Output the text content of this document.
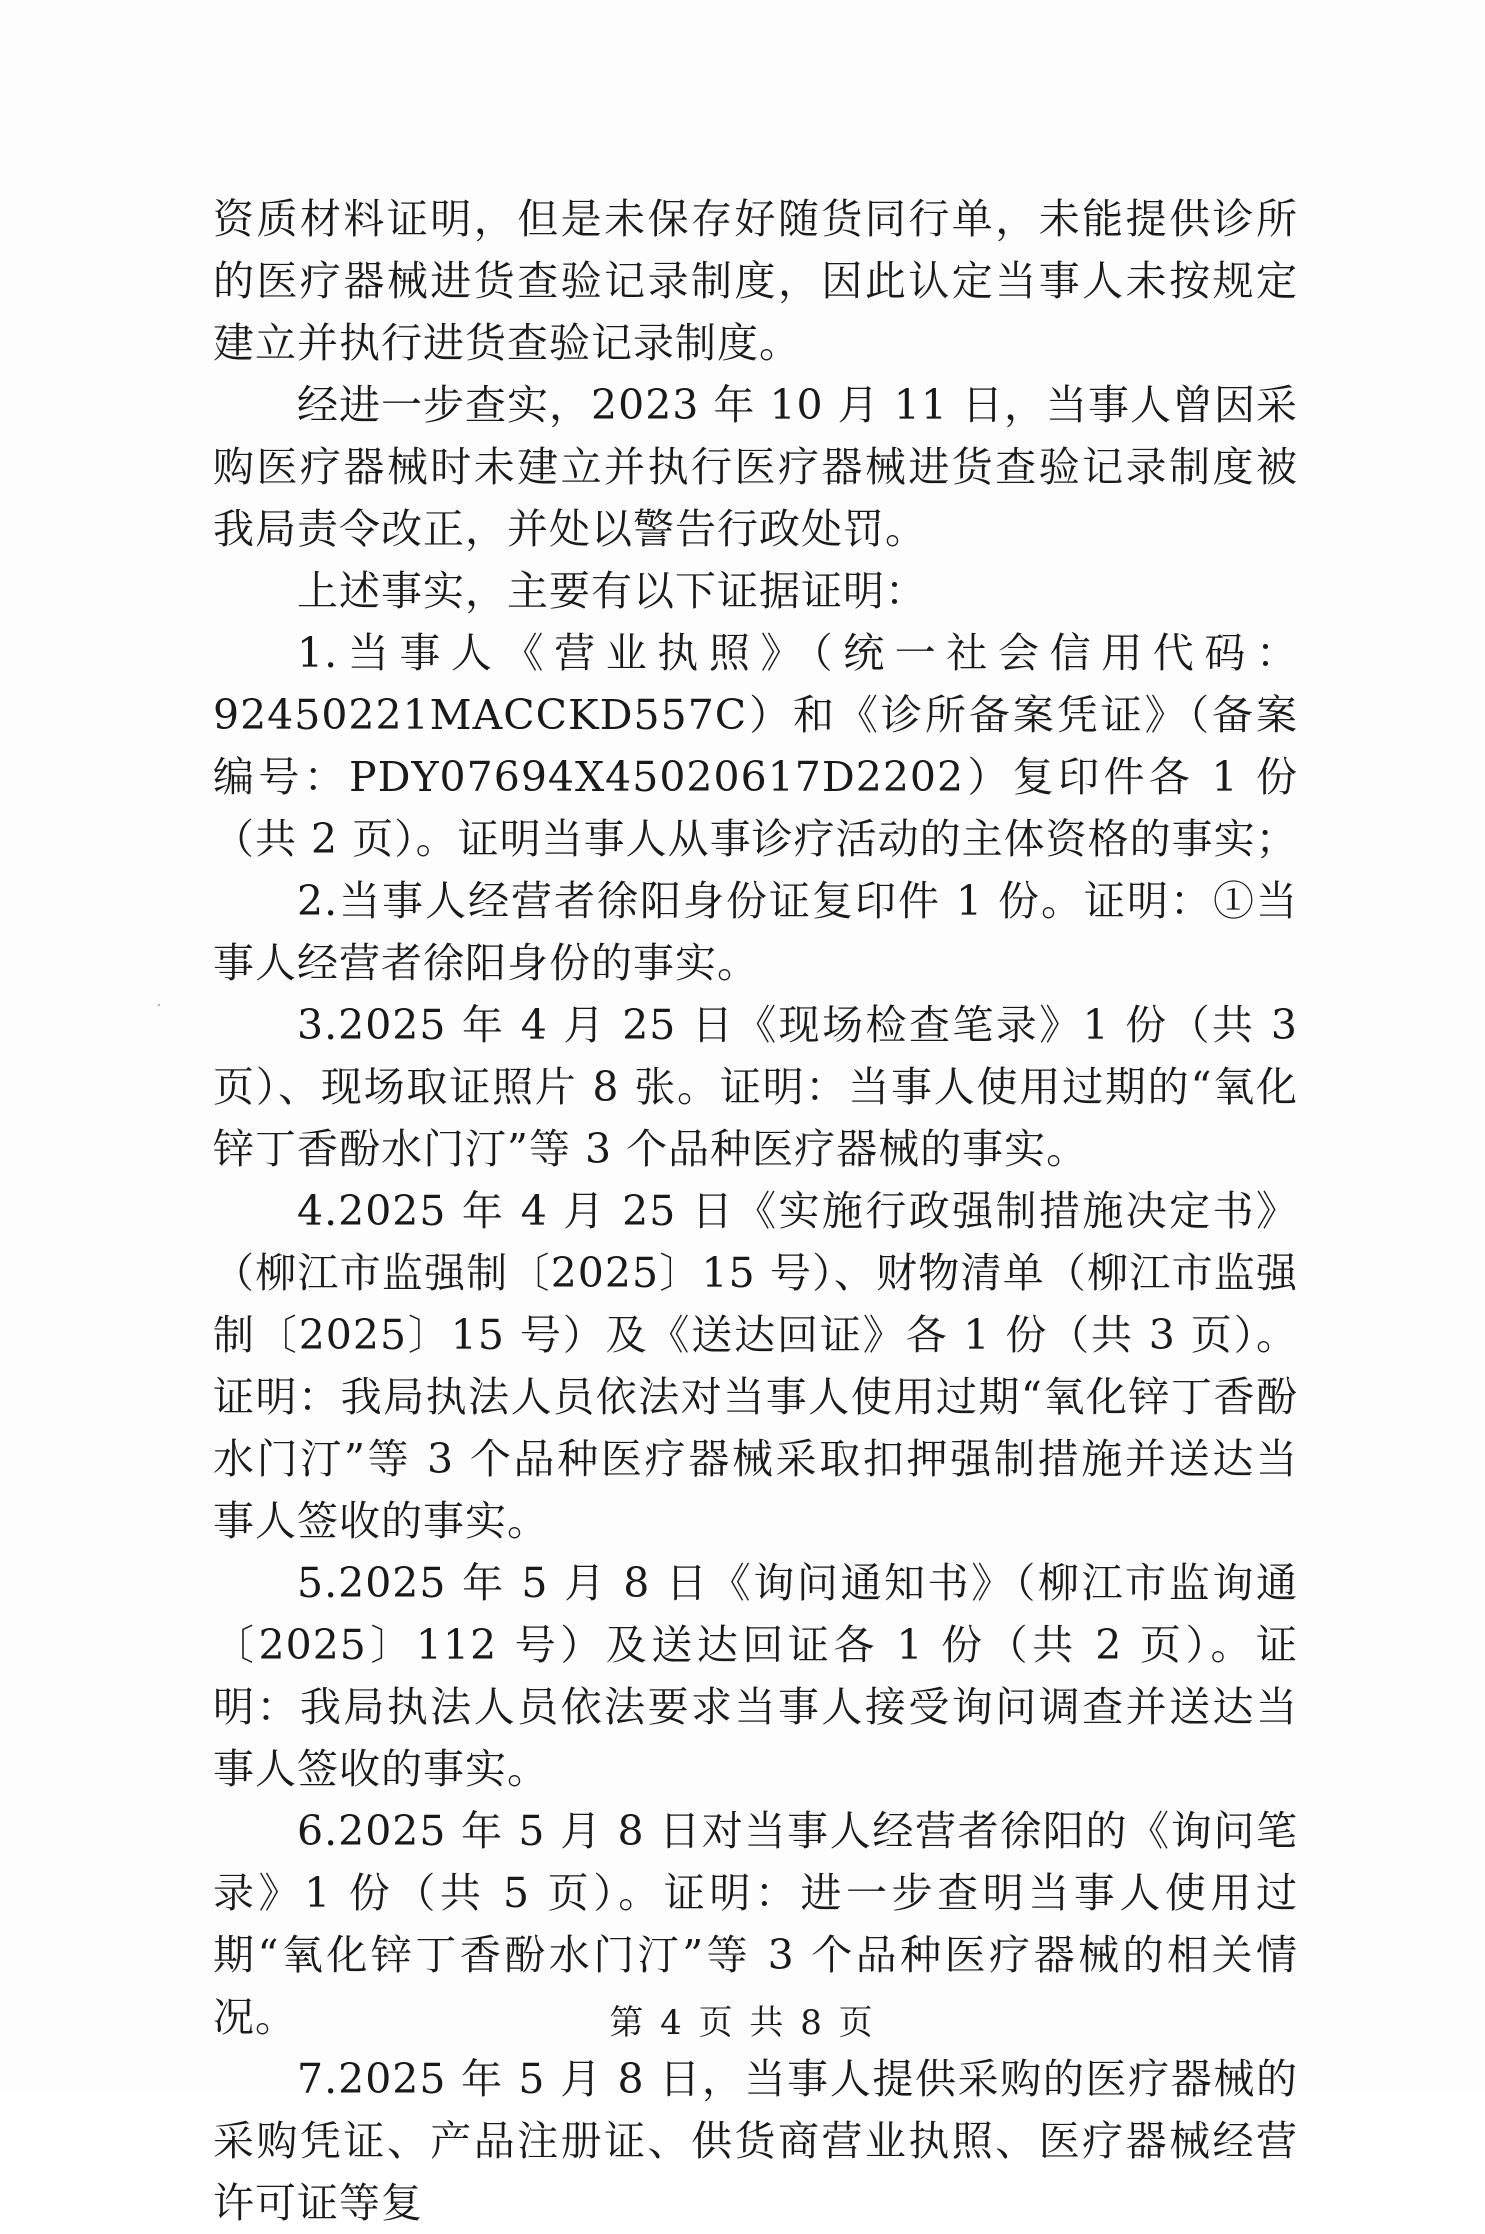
资质材料证明，但是未保存好随货同行单，未能提供诊所的医疗器械进货查验记录制度，因此认定当事人未按规定建立并执行进货查验记录制度。

经进一步查实，2023 年 10 月 11 日，当事人曾因采购医疗器械时未建立并执行医疗器械进货查验记录制度被我局责令改正，并处以警告行政处罚。

上述事实，主要有以下证据证明：

1.当事人《营业执照》（统一社会信用代码：92450221MACCKD557C）和《诊所备案凭证》（备案编号：PDY07694X45020617D2202）复印件各 1 份（共 2 页）。证明当事人从事诊疗活动的主体资格的事实；

2.当事人经营者徐阳身份证复印件 1 份。证明：①当事人经营者徐阳身份的事实。

3.2025 年 4 月 25 日《现场检查笔录》1 份（共 3 页）、现场取证照片 8 张。证明：当事人使用过期的“氧化锌丁香酚水门汀”等 3 个品种医疗器械的事实。

4.2025 年 4 月 25 日《实施行政强制措施决定书》（柳江市监强制〔2025〕15 号）、财物清单（柳江市监强制〔2025〕15 号）及《送达回证》各 1 份（共 3 页）。证明：我局执法人员依法对当事人使用过期“氧化锌丁香酚水门汀”等 3 个品种医疗器械采取扣押强制措施并送达当事人签收的事实。

5.2025 年 5 月 8 日《询问通知书》（柳江市监询通〔2025〕112 号）及送达回证各 1 份（共 2 页）。证明：我局执法人员依法要求当事人接受询问调查并送达当事人签收的事实。

6.2025 年 5 月 8 日对当事人经营者徐阳的《询问笔录》1 份（共 5 页）。证明：进一步查明当事人使用过期“氧化锌丁香酚水门汀”等 3 个品种医疗器械的相关情况。

7.2025 年 5 月 8 日，当事人提供采购的医疗器械的采购凭证、产品注册证、供货商营业执照、医疗器械经营许可证等复

第 4 页 共 8 页
